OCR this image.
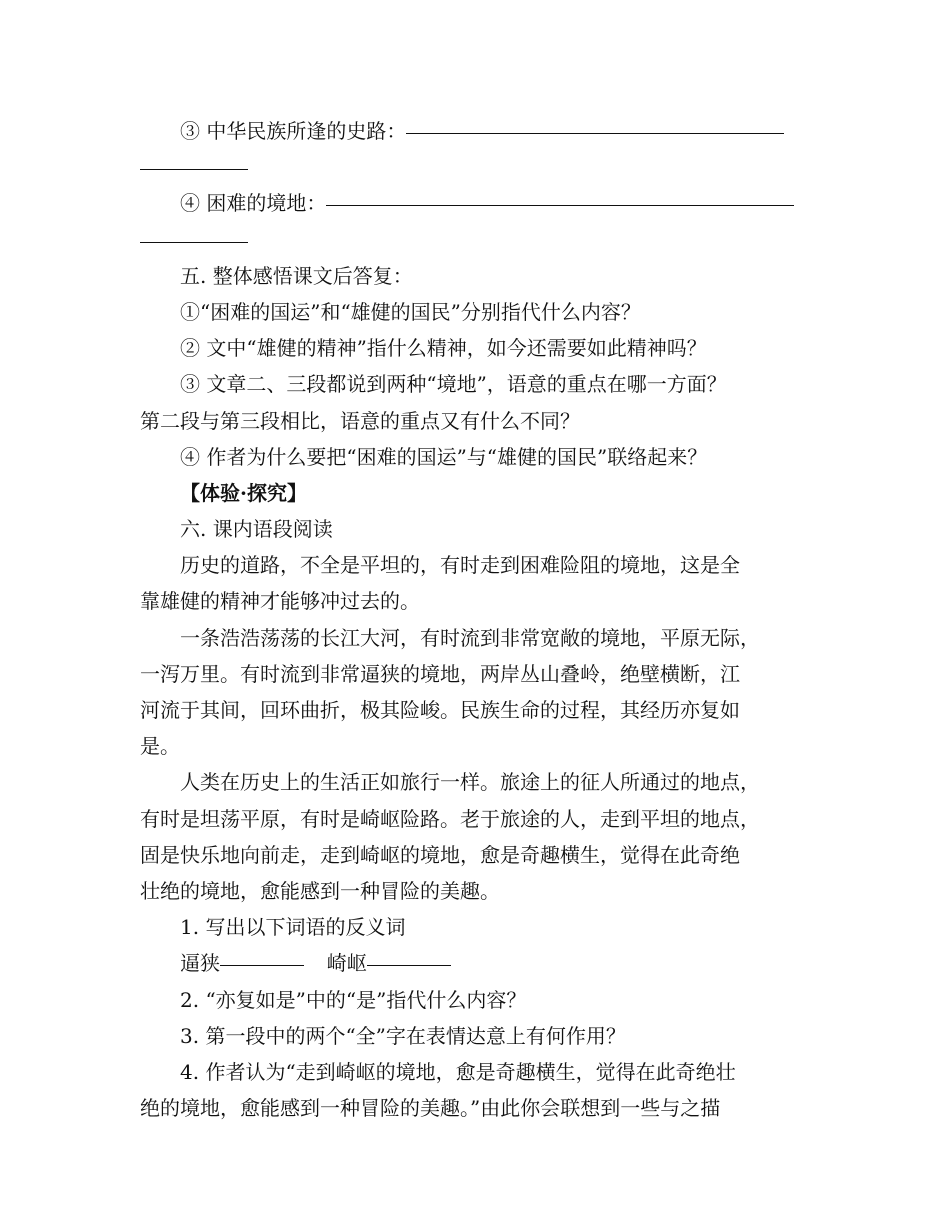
③ 中华民族所逢的史路：
④ 困难的境地：
五. 整体感悟课文后答复：
①“困难的国运”和“雄健的国民”分别指代什么内容？
② 文中“雄健的精神”指什么精神，如今还需要如此精神吗？
③ 文章二、三段都说到两种“境地”，语意的重点在哪一方面？
第二段与第三段相比，语意的重点又有什么不同？
④ 作者为什么要把“困难的国运”与“雄健的国民”联络起来？
【体验·探究】
六. 课内语段阅读
历史的道路，不全是平坦的，有时走到困难险阻的境地，这是全
靠雄健的精神才能够冲过去的。
一条浩浩荡荡的长江大河，有时流到非常宽敞的境地，平原无际，
一泻万里。有时流到非常逼狭的境地，两岸丛山叠岭，绝壁横断，江
河流于其间，回环曲折，极其险峻。民族生命的过程，其经历亦复如
是。
人类在历史上的生活正如旅行一样。旅途上的征人所通过的地点，
有时是坦荡平原，有时是崎岖险路。老于旅途的人，走到平坦的地点，
固是快乐地向前走，走到崎岖的境地，愈是奇趣横生，觉得在此奇绝
壮绝的境地，愈能感到一种冒险的美趣。
1. 写出以下词语的反义词
逼狭	崎岖
2. “亦复如是”中的“是”指代什么内容？
3. 第一段中的两个“全”字在表情达意上有何作用？
4. 作者认为“走到崎岖的境地，愈是奇趣横生，觉得在此奇绝壮
绝的境地，愈能感到一种冒险的美趣。”由此你会联想到一些与之描
